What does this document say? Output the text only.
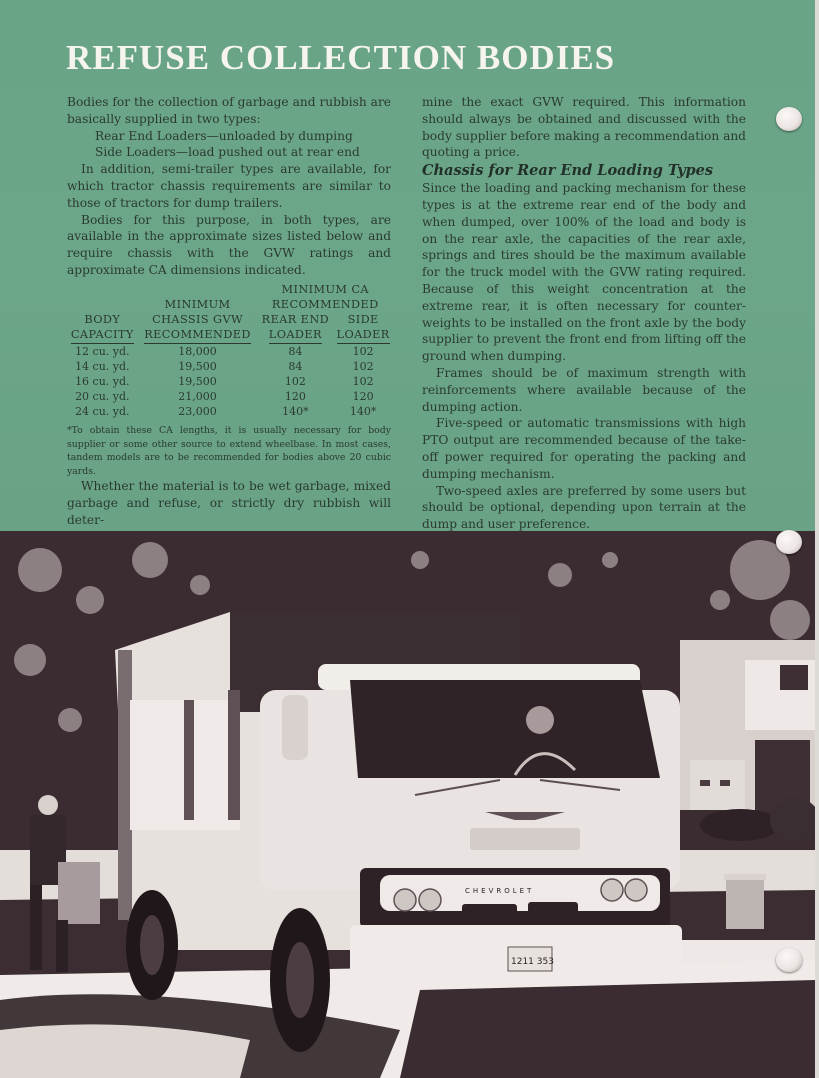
REFUSE COLLECTION BODIES

Bodies for the collection of garbage and rubbish are basically supplied in two types:

Rear End Loaders—unloaded by dumping

Side Loaders—load pushed out at rear end

In addition, semi-trailer types are available, for which tractor chassis requirements are similar to those of tractors for dump trailers.

Bodies for this purpose, in both types, are available in the approximate sizes listed below and require chassis with the GVW ratings and approximate CA dimensions indicated.

		MINIMUM CA	
	MINIMUM	RECOMMENDED	
BODY	CHASSIS GVW	REAR END	SIDE
CAPACITY	RECOMMENDED	LOADER	LOADER
12 cu. yd.	18,000	84	102
14 cu. yd.	19,500	84	102
16 cu. yd.	19,500	102	102
20 cu. yd.	21,000	120	120
24 cu. yd.	23,000	140*	140*
*To obtain these CA lengths, it is usually necessary for body supplier or some other source to extend wheelbase. In most cases, tandem models are to be recommended for bodies above 20 cubic yards.

Whether the material is to be wet garbage, mixed garbage and refuse, or strictly dry rubbish will deter-

mine the exact GVW required. This information should always be obtained and discussed with the body supplier before making a recommendation and quoting a price.

Chassis for Rear End Loading Types

Since the loading and packing mechanism for these types is at the extreme rear end of the body and when dumped, over 100% of the load and body is on the rear axle, the capacities of the rear axle, springs and tires should be the maximum available for the truck model with the GVW rating required. Because of this weight concentration at the extreme rear, it is often necessary for counter-weights to be installed on the front axle by the body supplier to prevent the front end from lifting off the ground when dumping.

Frames should be of maximum strength with reinforcements where available because of the dumping action.

Five-speed or automatic transmissions with high PTO output are recommended because of the take-off power required for operating the packing and dumping mechanism.

Two-speed axles are preferred by some users but should be optional, depending upon terrain at the dump and user preference.

CHEVROLET
1211 353
